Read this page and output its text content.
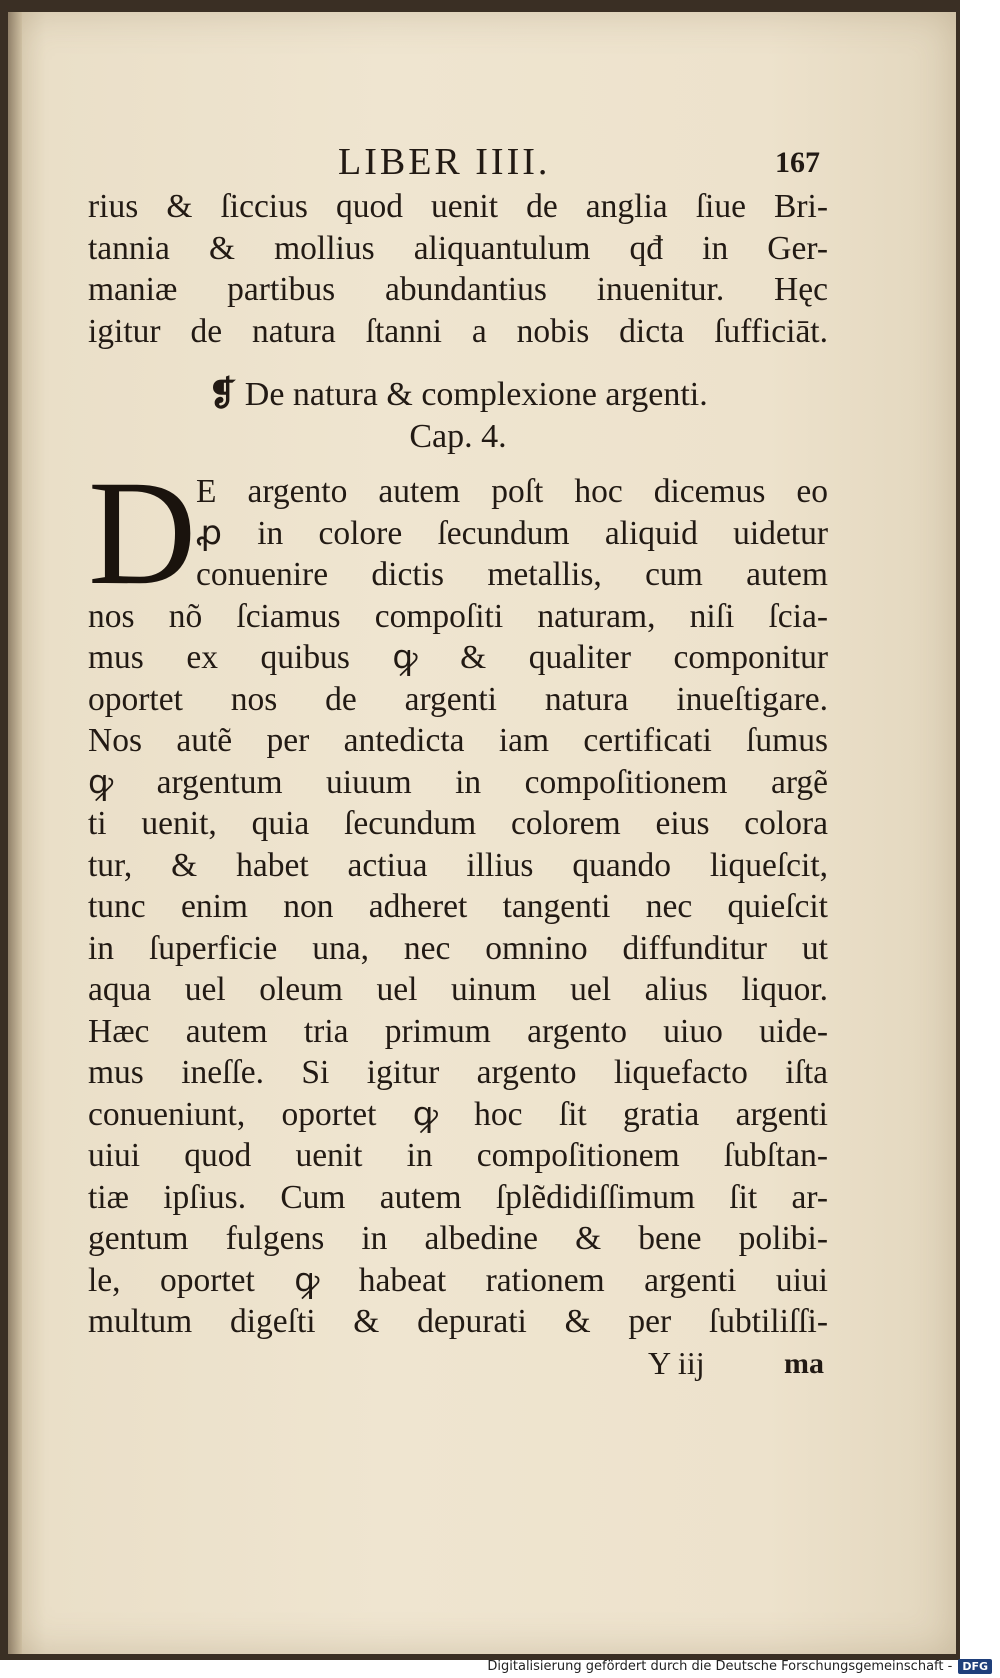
LIBER IIII.	167
rius & ſiccius quod uenit de anglia ſiue Bri-
tannia & mollius aliquantulum qđ in Ger-
maniæ partibus abundantius inuenitur. Hęc
igitur de natura ſtanni a nobis dicta ſufficiāt.
❡ De natura & complexione argenti.
Cap. 4.
D E argento autem poſt hoc dicemus eo
ꝓ in colore ſecundum aliquid uidetur
conuenire dictis metallis, cum autem
nos nõ ſciamus compoſiti naturam, niſi ſcia-
mus ex quibus ꝙ & qualiter componitur
oportet nos de argenti natura inueſtigare.
Nos autẽ per antedicta iam certificati ſumus
ꝙ argentum uiuum in compoſitionem argẽ
ti uenit, quia ſecundum colorem eius colora
tur, & habet actiua illius quando liqueſcit,
tunc enim non adheret tangenti nec quieſcit
in ſuperficie una, nec omnino diffunditur ut
aqua uel oleum uel uinum uel alius liquor.
Hæc autem tria primum argento uiuo uide-
mus ineſſe. Si igitur argento liquefacto iſta
conueniunt, oportet ꝙ hoc ſit gratia argenti
uiui quod uenit in compoſitionem ſubſtan-
tiæ ipſius. Cum autem ſplẽdidiſſimum ſit ar-
gentum fulgens in albedine & bene polibi-
le, oportet ꝙ habeat rationem argenti uiui
multum digeſti & depurati & per ſubtiliſſi-
Y iij	ma
Digitalisierung gefördert durch die Deutsche Forschungsgemeinschaft - DFG
